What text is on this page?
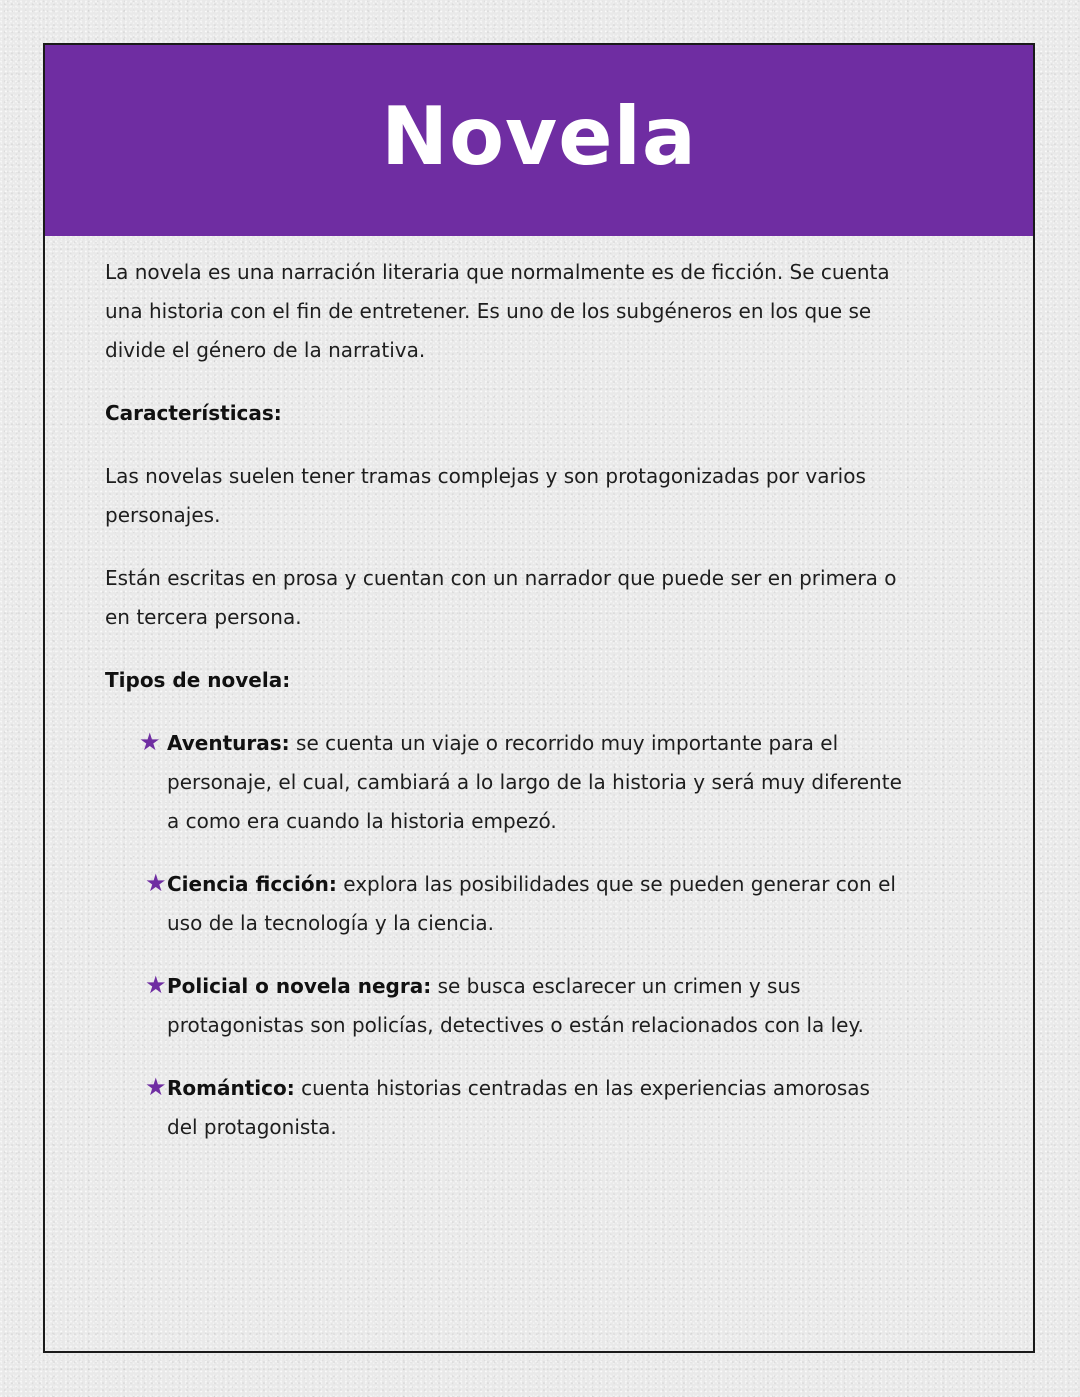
Novela

La novela es una narración literaria que normalmente es de ficción. Se cuenta una historia con el fin de entretener. Es uno de los subgéneros en los que se divide el género de la narrativa.

Características:

Las novelas suelen tener tramas complejas y son protagonizadas por varios personajes.

Están escritas en prosa y cuentan con un narrador que puede ser en primera o en tercera persona.

Tipos de novela:

★ Aventuras: se cuenta un viaje o recorrido muy importante para el personaje, el cual, cambiará a lo largo de la historia y será muy diferente a como era cuando la historia empezó.
★ Ciencia ficción: explora las posibilidades que se pueden generar con el uso de la tecnología y la ciencia.
★ Policial o novela negra: se busca esclarecer un crimen y sus protagonistas son policías, detectives o están relacionados con la ley.
★ Romántico: cuenta historias centradas en las experiencias amorosas del protagonista.
